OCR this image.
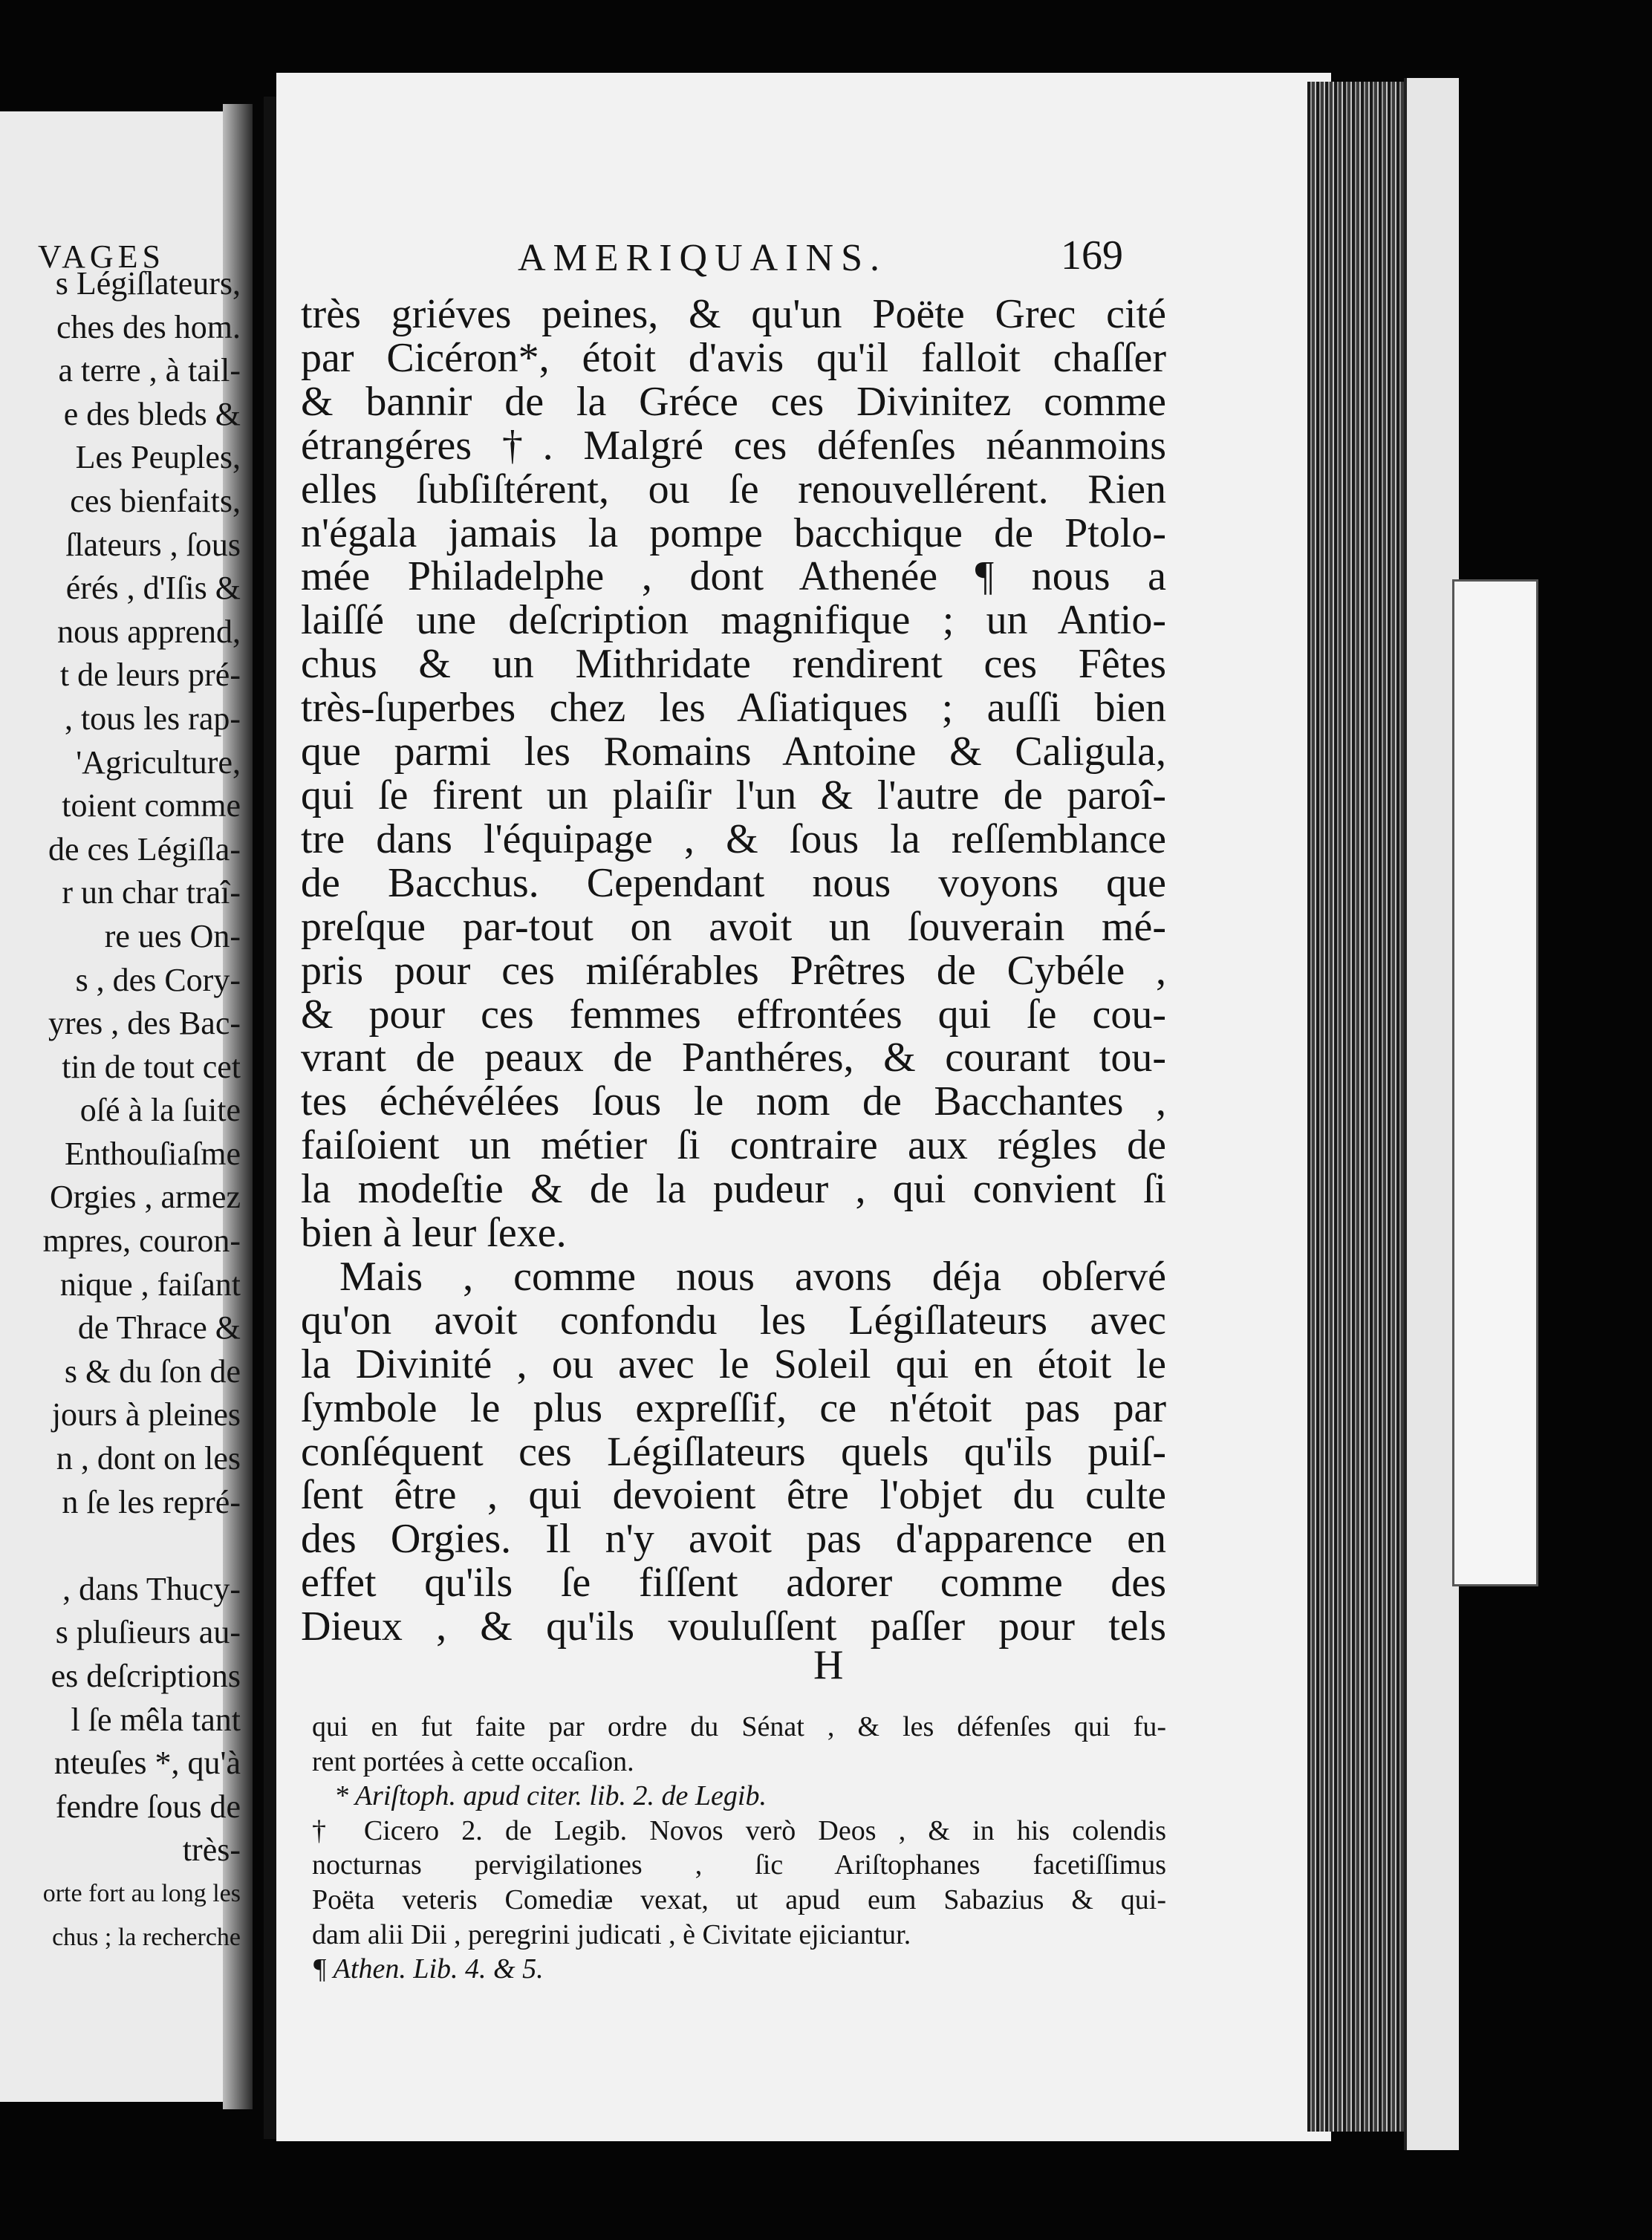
VAGES
s Légiſlateurs,
ches des hom.
a terre , à tail-
e des bleds &
Les Peuples,
ces bienfaits,
ſlateurs , ſous
érés , d'Iſis &
nous apprend,
t de leurs pré-
, tous les rap-
'Agriculture,
toient comme
de ces Légiſla-
r un char traî-
re ues On-
s , des Cory-
yres , des Bac-
tin de tout cet
oſé à la ſuite
Enthouſiaſme
Orgies , armez
mpres, couron-
nique , faiſant
de Thrace &
s & du ſon de
jours à pleines
n , dont on les
n ſe les repré-

, dans Thucy-
s pluſieurs au-
es deſcriptions
l ſe mêla tant
nteuſes *, qu'à
fendre ſous de
très-
orte fort au long les
chus ; la recherche
AMERIQUAINS.	169
très griéves peines, & qu'un Poëte Grec cité
par Cicéron*, étoit d'avis qu'il falloit chaſſer
& bannir de la Gréce ces Divinitez comme
étrangéres †. Malgré ces défenſes néanmoins
elles ſubſiſtérent, ou ſe renouvellérent. Rien
n'égala jamais la pompe bacchique de Ptolo-
mée Philadelphe , dont Athenée ¶ nous a
laiſſé une deſcription magnifique ; un Antio-
chus & un Mithridate rendirent ces Fêtes
très-ſuperbes chez les Aſiatiques ; auſſi bien
que parmi les Romains Antoine & Caligula,
qui ſe firent un plaiſir l'un & l'autre de paroî-
tre dans l'équipage , & ſous la reſſemblance
de Bacchus. Cependant nous voyons que
preſque par-tout on avoit un ſouverain mé-
pris pour ces miſérables Prêtres de Cybéle ,
& pour ces femmes effrontées qui ſe cou-
vrant de peaux de Panthéres, & courant tou-
tes échévélées ſous le nom de Bacchantes ,
faiſoient un métier ſi contraire aux régles de
la modeſtie & de la pudeur , qui convient ſi
bien à leur ſexe.
Mais , comme nous avons déja obſervé
qu'on avoit confondu les Légiſlateurs avec
la Divinité , ou avec le Soleil qui en étoit le
ſymbole le plus expreſſif, ce n'étoit pas par
conſéquent ces Légiſlateurs quels qu'ils puiſ-
ſent être , qui devoient être l'objet du culte
des Orgies. Il n'y avoit pas d'apparence en
effet qu'ils ſe fiſſent adorer comme des
Dieux , & qu'ils vouluſſent paſſer pour tels
H
qui en fut faite par ordre du Sénat , & les défenſes qui fu-
rent portées à cette occaſion.
* Ariſtoph. apud citer. lib. 2. de Legib.
† Cicero 2. de Legib. Novos verò Deos , & in his colendis
nocturnas pervigilationes , ſic Ariſtophanes facetiſſimus
Poëta veteris Comediæ vexat, ut apud eum Sabazius & qui-
dam alii Dii , peregrini judicati , è Civitate ejiciantur.
¶ Athen. Lib. 4. & 5.
